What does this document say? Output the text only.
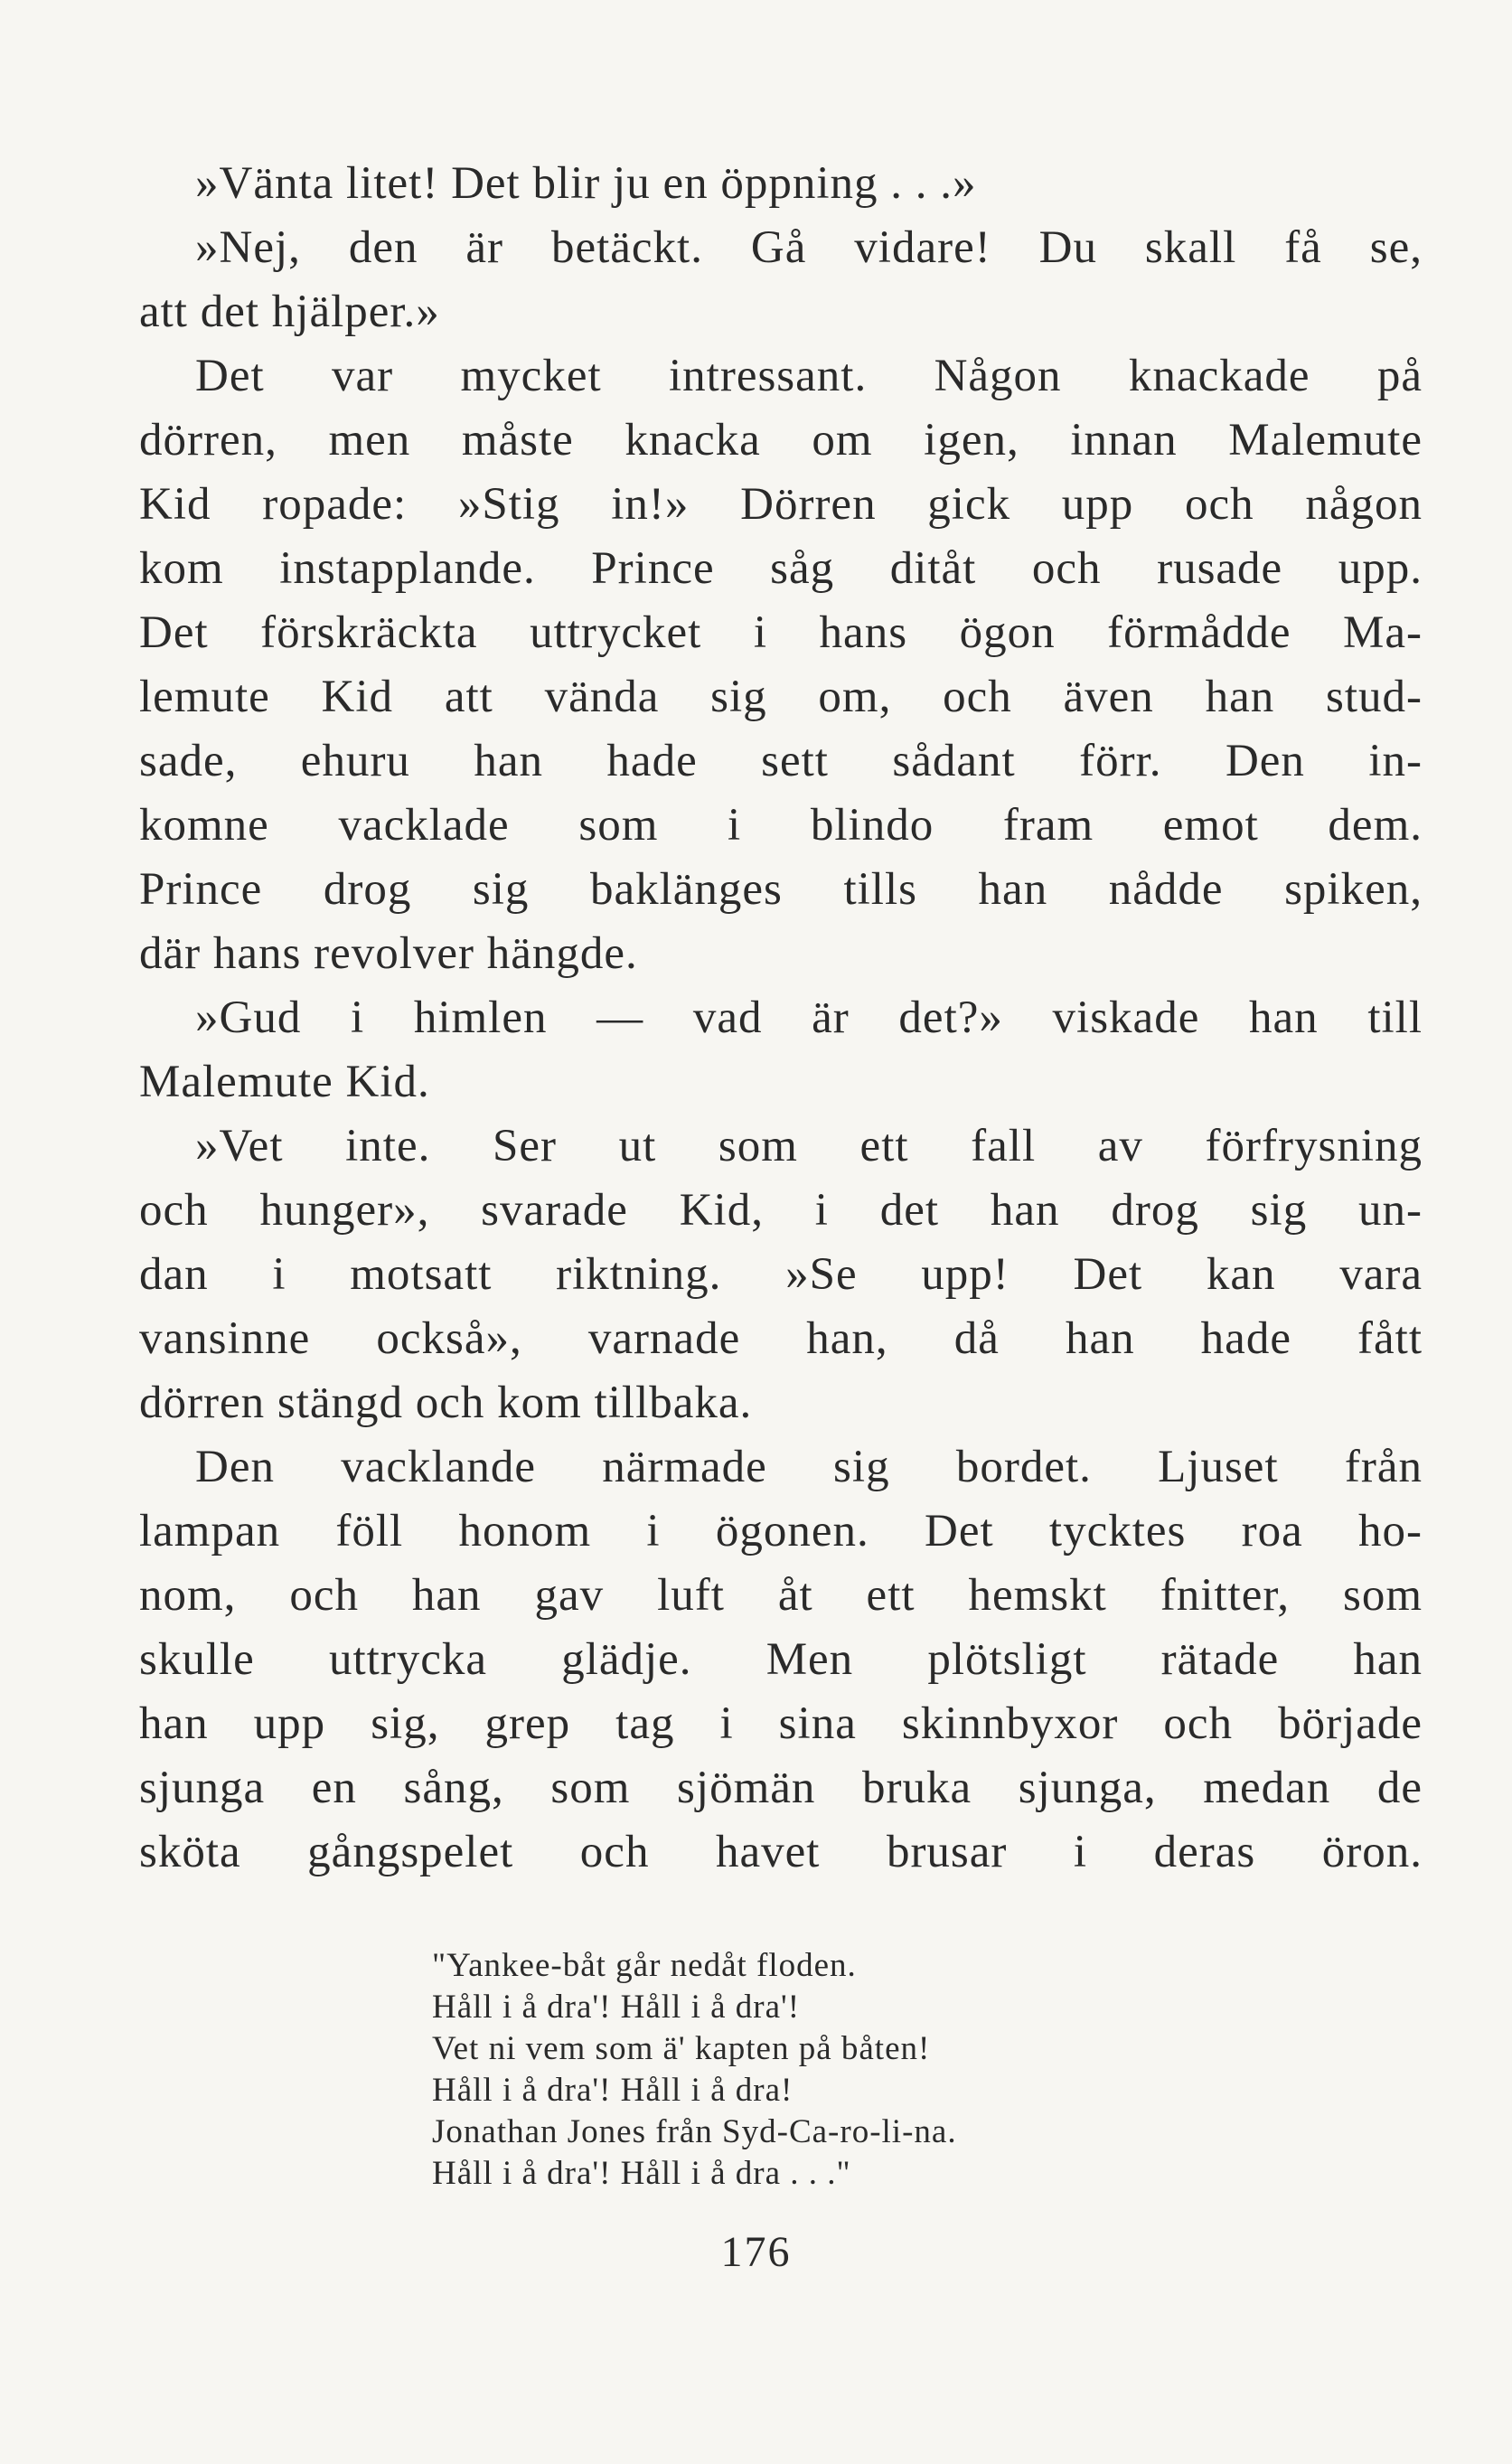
»Vänta litet! Det blir ju en öppning . . .»
»Nej, den är betäckt. Gå vidare! Du skall få se,
att det hjälper.»
Det var mycket intressant. Någon knackade på
dörren, men måste knacka om igen, innan Malemute
Kid ropade: »Stig in!» Dörren gick upp och någon
kom instapplande. Prince såg ditåt och rusade upp.
Det förskräckta uttrycket i hans ögon förmådde Ma-
lemute Kid att vända sig om, och även han stud-
sade, ehuru han hade sett sådant förr. Den in-
komne vacklade som i blindo fram emot dem.
Prince drog sig baklänges tills han nådde spiken,
där hans revolver hängde.
»Gud i himlen — vad är det?» viskade han till
Malemute Kid.
»Vet inte. Ser ut som ett fall av förfrysning
och hunger», svarade Kid, i det han drog sig un-
dan i motsatt riktning. »Se upp! Det kan vara
vansinne också», varnade han, då han hade fått
dörren stängd och kom tillbaka.
Den vacklande närmade sig bordet. Ljuset från
lampan föll honom i ögonen. Det tycktes roa ho-
nom, och han gav luft åt ett hemskt fnitter, som
skulle uttrycka glädje. Men plötsligt rätade han
han upp sig, grep tag i sina skinnbyxor och började
sjunga en sång, som sjömän bruka sjunga, medan de
sköta gångspelet och havet brusar i deras öron.
"Yankee-båt går nedåt floden.
Håll i å dra'! Håll i å dra'!
Vet ni vem som ä' kapten på båten!
Håll i å dra'! Håll i å dra!
Jonathan Jones från Syd-Ca-ro-li-na.
Håll i å dra'! Håll i å dra . . ."
176
